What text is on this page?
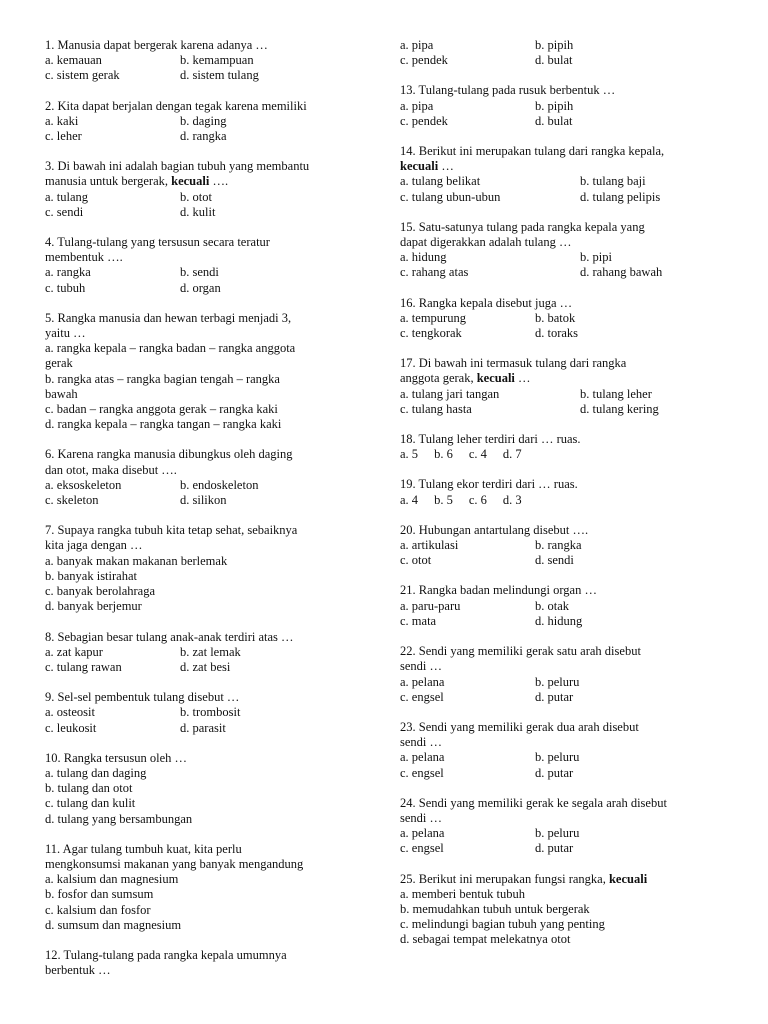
1. Manusia dapat bergerak karena adanya …
a. kemauan	b. kemampuan
c. sistem gerak	d. sistem tulang
2. Kita dapat berjalan dengan tegak karena memiliki
a. kaki	b. daging
c. leher	d. rangka
3. Di bawah ini adalah bagian tubuh yang membantu
manusia untuk bergerak, kecuali ….
a. tulang	b. otot
c. sendi	d. kulit
4. Tulang-tulang yang tersusun secara teratur
membentuk ….
a. rangka	b. sendi
c. tubuh	d. organ
5. Rangka manusia dan hewan terbagi menjadi 3,
yaitu …
a. rangka kepala – rangka badan – rangka anggota
gerak
b. rangka atas – rangka bagian tengah – rangka
bawah
c. badan – rangka anggota gerak – rangka kaki
d. rangka kepala – rangka tangan – rangka kaki
6. Karena rangka manusia dibungkus oleh daging
dan otot, maka disebut ….
a. eksoskeleton	b. endoskeleton
c. skeleton	d. silikon
7. Supaya rangka tubuh kita tetap sehat, sebaiknya
kita jaga dengan …
a. banyak makan makanan berlemak
b. banyak istirahat
c. banyak berolahraga
d. banyak berjemur
8. Sebagian besar tulang anak-anak terdiri atas …
a. zat kapur	b. zat lemak
c. tulang rawan	d. zat besi
9. Sel-sel pembentuk tulang disebut …
a. osteosit	b. trombosit
c. leukosit	d. parasit
10. Rangka tersusun oleh …
a. tulang dan daging
b. tulang dan otot
c. tulang dan kulit
d. tulang yang bersambungan
11. Agar tulang tumbuh kuat, kita perlu
mengkonsumsi makanan yang banyak mengandung
a. kalsium dan magnesium
b. fosfor dan sumsum
c. kalsium dan fosfor
d. sumsum dan magnesium
12. Tulang-tulang pada rangka kepala umumnya
berbentuk …
a. pipa	b. pipih
c. pendek	d. bulat
13. Tulang-tulang pada rusuk berbentuk …
a. pipa	b. pipih
c. pendek	d. bulat
14. Berikut ini merupakan tulang dari rangka kepala,
kecuali …
a. tulang belikat	b. tulang baji
c. tulang ubun-ubun	d. tulang pelipis
15. Satu-satunya tulang pada rangka kepala yang
dapat digerakkan adalah tulang …
a. hidung	b. pipi
c. rahang atas	d. rahang bawah
16. Rangka kepala disebut juga …
a. tempurung	b. batok
c. tengkorak	d. toraks
17. Di bawah ini termasuk tulang dari rangka
anggota gerak, kecuali …
a. tulang jari tangan	b. tulang leher
c. tulang hasta	d. tulang kering
18. Tulang leher terdiri dari … ruas.
a. 5 b. 6 c. 4 d. 7
19. Tulang ekor terdiri dari … ruas.
a. 4 b. 5 c. 6 d. 3
20. Hubungan antartulang disebut ….
a. artikulasi	b. rangka
c. otot	d. sendi
21. Rangka badan melindungi organ …
a. paru-paru	b. otak
c. mata	d. hidung
22. Sendi yang memiliki gerak satu arah disebut
sendi …
a. pelana	b. peluru
c. engsel	d. putar
23. Sendi yang memiliki gerak dua arah disebut
sendi …
a. pelana	b. peluru
c. engsel	d. putar
24. Sendi yang memiliki gerak ke segala arah disebut
sendi …
a. pelana	b. peluru
c. engsel	d. putar
25. Berikut ini merupakan fungsi rangka, kecuali
a. memberi bentuk tubuh
b. memudahkan tubuh untuk bergerak
c. melindungi bagian tubuh yang penting
d. sebagai tempat melekatnya otot
